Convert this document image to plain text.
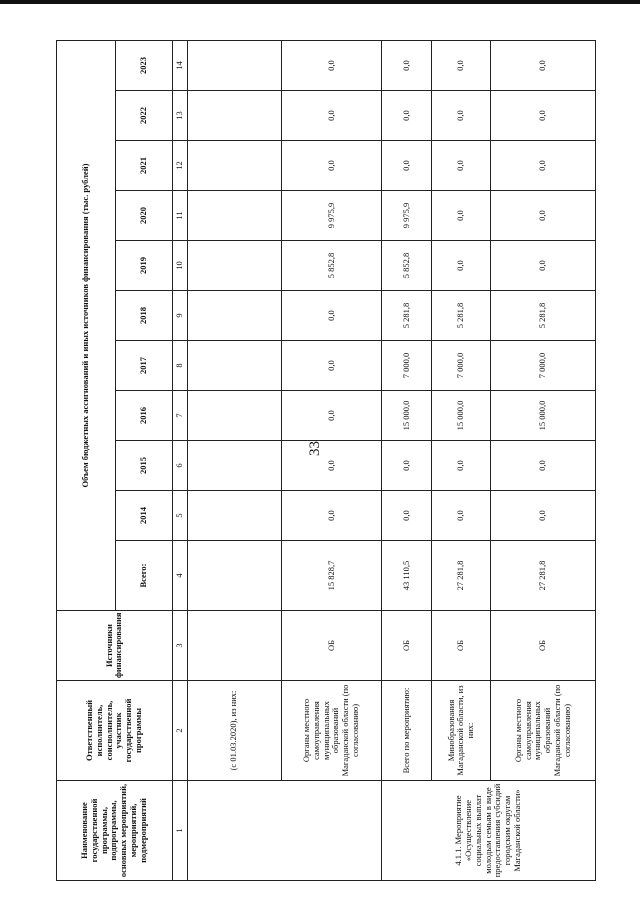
33
Наименование государственной программы, подпрограммы, основных мероприятий, мероприятий, подмероприятий	Ответственный исполнитель, соисполнитель, участник государственной программы	Источники финансирования	Объем бюджетных ассигнований и иных источников финансирования (тыс. рублей)										
			Всего:	2014	2015	2016	2017	2018	2019	2020	2021	2022	2023
1	2	3	4	5	6	7	8	9	10	11	12	13	14
	(с 01.03.2020), из них:												
	Органы местного самоуправления муниципальных образований Магаданской области (по согласованию)	ОБ	15 828,7	0,0	0,0	0,0	0,0	0,0	5 852,8	9 975,9	0,0	0,0	0,0
4.1.1. Мероприятие «Осуществление социальных выплат молодым семьям в виде предоставления субсидий городским округам Магаданской области»	Всего по мероприятию:	ОБ	43 110,5	0,0	0,0	15 000,0	7 000,0	5 281,8	5 852,8	9 975,9	0,0	0,0	0,0
	Минобразования Магаданской области, из них:	ОБ	27 281,8	0,0	0,0	15 000,0	7 000,0	5 281,8	0,0	0,0	0,0	0,0	0,0
	Органы местного самоуправления муниципальных образований Магаданской области (по согласованию)	ОБ	27 281,8	0,0	0,0	15 000,0	7 000,0	5 281,8	0,0	0,0	0,0	0,0	0,0
